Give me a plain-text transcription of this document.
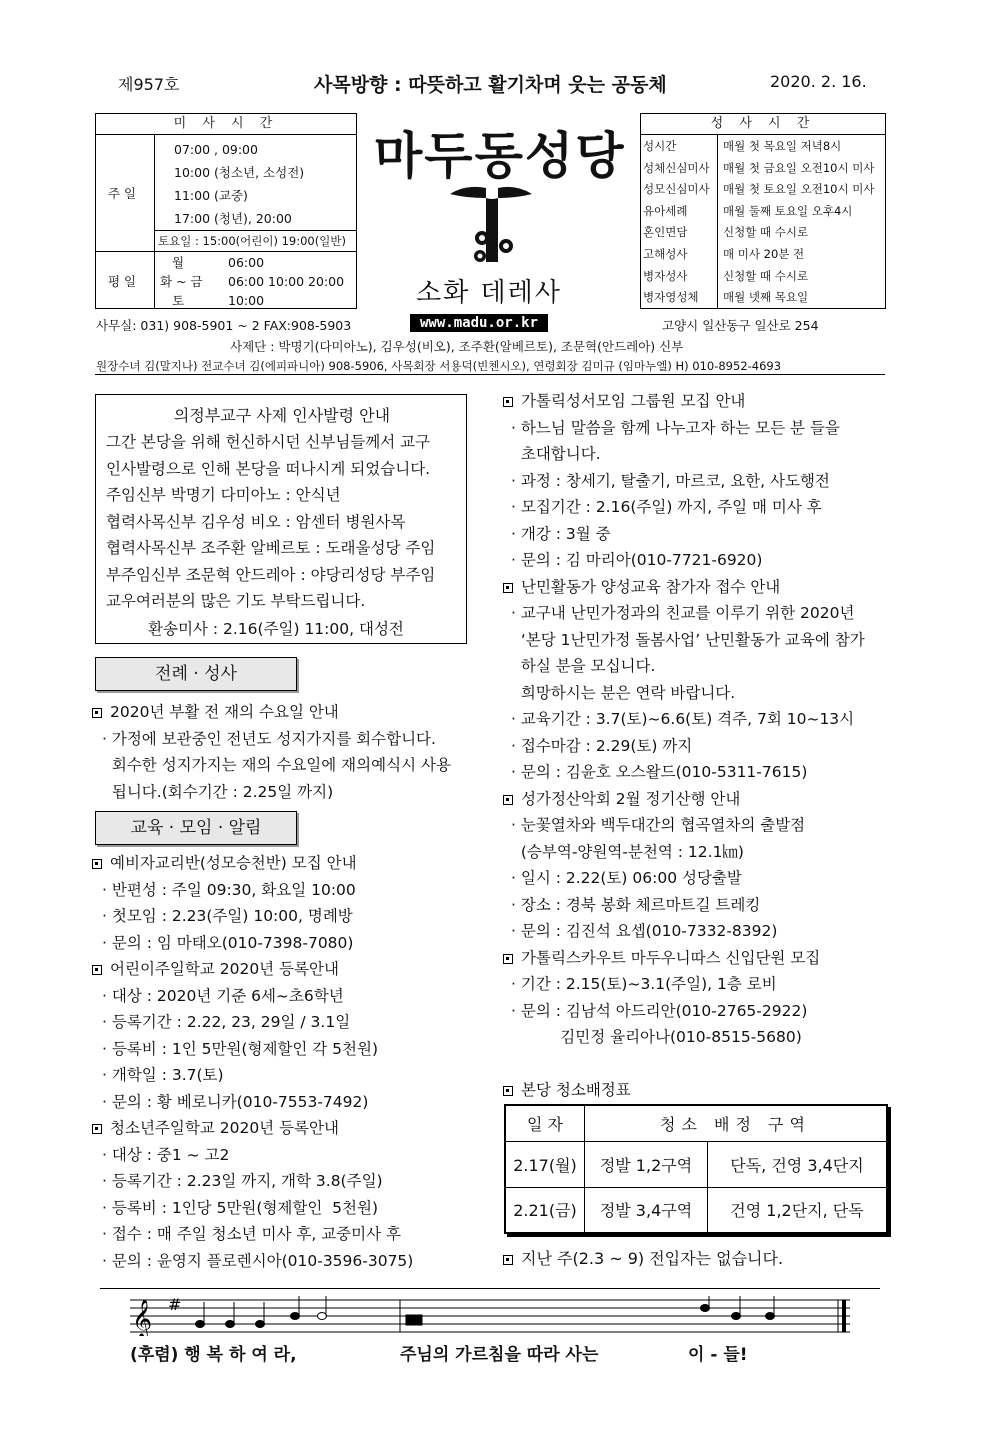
제957호	사목방향 : 따뜻하고 활기차며 웃는 공동체	2020. 2. 16.
미 사 시 간
주 일
07:00 , 09:00
10:00 (청소년, 소성전)
11:00 (교중)
17:00 (청년), 20:00
토요일 : 15:00(어린이) 19:00(일반)
평 일
월	06:00
화 ~ 금 06:00 10:00 20:00
토	10:00
마두동성당
소화 데레사
성 사 시 간
성시간	매월 첫 목요일 저녁8시
성체신심미사 매월 첫 금요일 오전10시 미사
성모신심미사 매월 첫 토요일 오전10시 미사
유아세례	매월 둘째 토요일 오후4시
혼인면담	신청할 때 수시로
고해성사	매 미사 20분 전
병자성사	신청할 때 수시로
병자영성체 매월 넷째 목요일
사무실: 031) 908-5901 ~ 2 FAX:908-5903	www.madu.or.kr	고양시 일산동구 일산로 254
사제단 : 박명기(다미아노), 김우성(비오), 조주환(알베르토), 조문혁(안드레아) 신부
원장수녀 김(말지나) 전교수녀 김(에피파니아) 908-5906, 사목회장 서용덕(빈첸시오), 연령회장 김미규 (임마누엘) H) 010-8952-4693
의정부교구 사제 인사발령 안내
그간 본당을 위해 헌신하시던 신부님들께서 교구
인사발령으로 인해 본당을 떠나시게 되었습니다.
주임신부 박명기 다미아노 : 안식년
협력사목신부 김우성 비오 : 암센터 병원사목
협력사목신부 조주환 알베르토 : 도래울성당 주임
부주임신부 조문혁 안드레아 : 야당리성당 부주임
교우여러분의 많은 기도 부탁드립니다.
환송미사 : 2.16(주일) 11:00, 대성전
전례 · 성사
2020년 부활 전 재의 수요일 안내
· 가정에 보관중인 전년도 성지가지를 회수합니다.
회수한 성지가지는 재의 수요일에 재의예식시 사용
됩니다.(회수기간 : 2.25일 까지)
교육 · 모임 · 알림
예비자교리반(성모승천반) 모집 안내
· 반편성 : 주일 09:30, 화요일 10:00
· 첫모임 : 2.23(주일) 10:00, 명례방
· 문의 : 임 마태오(010-7398-7080)
어린이주일학교 2020년 등록안내
· 대상 : 2020년 기준 6세~초6학년
· 등록기간 : 2.22, 23, 29일 / 3.1일
· 등록비 : 1인 5만원(형제할인 각 5천원)
· 개학일 : 3.7(토)
· 문의 : 황 베로니카(010-7553-7492)
청소년주일학교 2020년 등록안내
· 대상 : 중1 ~ 고2
· 등록기간 : 2.23일 까지, 개학 3.8(주일)
· 등록비 : 1인당 5만원(형제할인  5천원)
· 접수 : 매 주일 청소년 미사 후, 교중미사 후
· 문의 : 윤영지 플로렌시아(010-3596-3075)
가톨릭성서모임 그룹원 모집 안내
· 하느님 말씀을 함께 나누고자 하는 모든 분 들을
초대합니다.
· 과정 : 창세기, 탈출기, 마르코, 요한, 사도행전
· 모집기간 : 2.16(주일) 까지, 주일 매 미사 후
· 개강 : 3월 중
· 문의 : 김 마리아(010-7721-6920)
난민활동가 양성교육 참가자 접수 안내
· 교구내 난민가정과의 친교를 이루기 위한 2020년
‘본당 1난민가정 돌봄사업’ 난민활동가 교육에 참가
하실 분을 모십니다.
희망하시는 분은 연락 바랍니다.
· 교육기간 : 3.7(토)~6.6(토) 격주, 7회 10~13시
· 접수마감 : 2.29(토) 까지
· 문의 : 김윤호 오스왈드(010-5311-7615)
성가정산악회 2월 정기산행 안내
· 눈꽃열차와 백두대간의 협곡열차의 출발점
(승부역-양원역-분천역 : 12.1㎞)
· 일시 : 2.22(토) 06:00 성당출발
· 장소 : 경북 봉화 체르마트길 트레킹
· 문의 : 김진석 요셉(010-7332-8392)
가톨릭스카우트 마두우니따스 신입단원 모집
· 기간 : 2.15(토)~3.1(주일), 1층 로비
· 문의 : 김남석 아드리안(010-2765-2922)
김민정 율리아나(010-8515-5680)
본당 청소배정표
일 자	청소 배정 구역	
2.17(월)	정발 1,2구역	단독, 건영 3,4단지
2.21(금)	정발 3,4구역	건영 1,2단지, 단독
지난 주(2.3 ~ 9) 전입자는 없습니다.
𝄞 #
(후렴) 행 복 하 여 라,	주님의 가르침을 따라 사는	이 - 들!
